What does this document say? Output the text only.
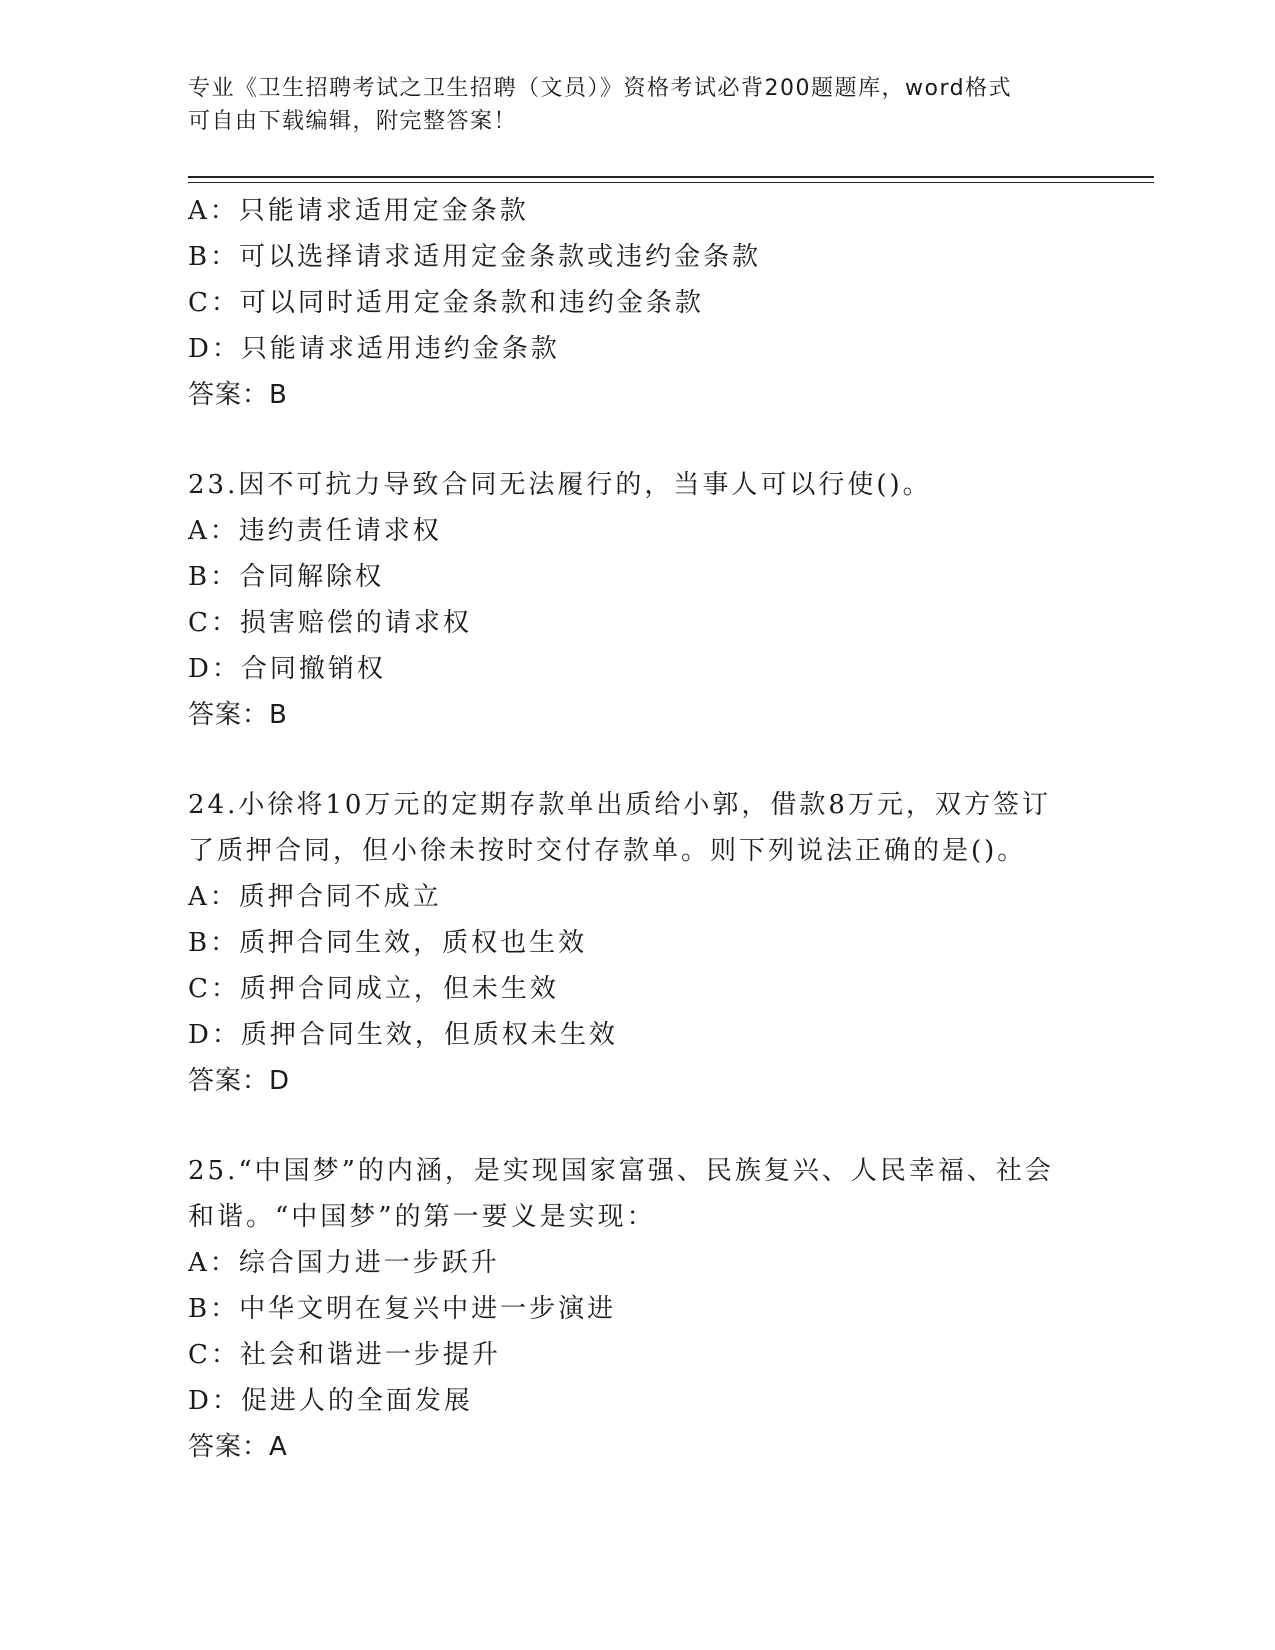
专业《卫生招聘考试之卫生招聘（文员）》资格考试必背200题题库，word格式
可自由下载编辑，附完整答案！
A：只能请求适用定金条款
B：可以选择请求适用定金条款或违约金条款
C：可以同时适用定金条款和违约金条款
D：只能请求适用违约金条款
答案：B
23.因不可抗力导致合同无法履行的，当事人可以行使()。
A：违约责任请求权
B：合同解除权
C：损害赔偿的请求权
D：合同撤销权
答案：B
24.小徐将10万元的定期存款单出质给小郭，借款8万元，双方签订
了质押合同，但小徐未按时交付存款单。则下列说法正确的是()。
A：质押合同不成立
B：质押合同生效，质权也生效
C：质押合同成立，但未生效
D：质押合同生效，但质权未生效
答案：D
25.“中国梦”的内涵，是实现国家富强、民族复兴、人民幸福、社会
和谐。“中国梦”的第一要义是实现：
A：综合国力进一步跃升
B：中华文明在复兴中进一步演进
C：社会和谐进一步提升
D：促进人的全面发展
答案：A
